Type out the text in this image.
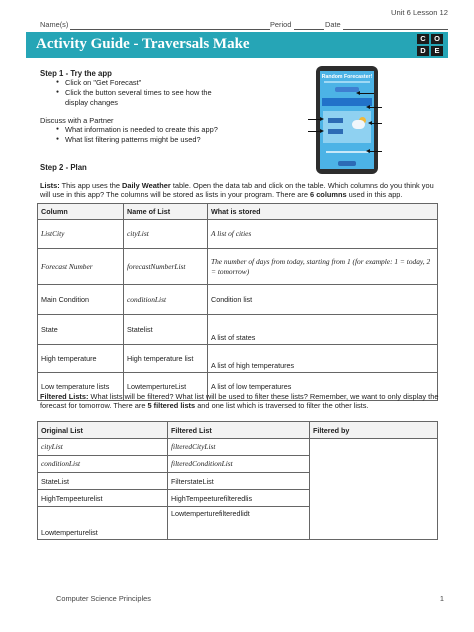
Unit 6 Lesson 12
Name(s)	Period	Date
Activity Guide - Traversals Make	C	O
D	E
Step 1 - Try the app
● Click on "Get Forecast"
● Click the button several times to see how the display changes
Discuss with a Partner
● What information is needed to create this app?
● What list filtering patterns might be used?
Random Forecaster!
Step 2 - Plan
Lists: This app uses the Daily Weather table. Open the data tab and click on the table. Which columns do you think you will use in this app? The columns will be stored as lists in your program. There are 6 columns used in this app.
Column	Name of List	What is stored
ListCity	cityList	A list of cities
Forecast Number	forecastNumberList	The number of days from today, starting from 1 (for example: 1 = today, 2 = tomorrow)
Main Condition	conditionList	Condition list
State	Statelist	A list of states
High temperature	High temperature list	A list of high temperatures
Low temperature lists	LowtempertureList	A list of low temperatures
Filtered Lists: What lists will be filtered? What list will be used to filter these lists? Remember, we want to only display the forecast for tomorrow. There are 5 filtered lists and one list which is traversed to filter the other lists.
Original List	Filtered List	Filtered by
cityList	filteredCityList	
conditionList	filteredConditionList	
StateList	FilterstateList	
HighTempeeturelist	HighTempeeturefilteredlis	
Lowtemperturelist	Lowtemperturefilteredlidt	
Computer Science Principles	1
